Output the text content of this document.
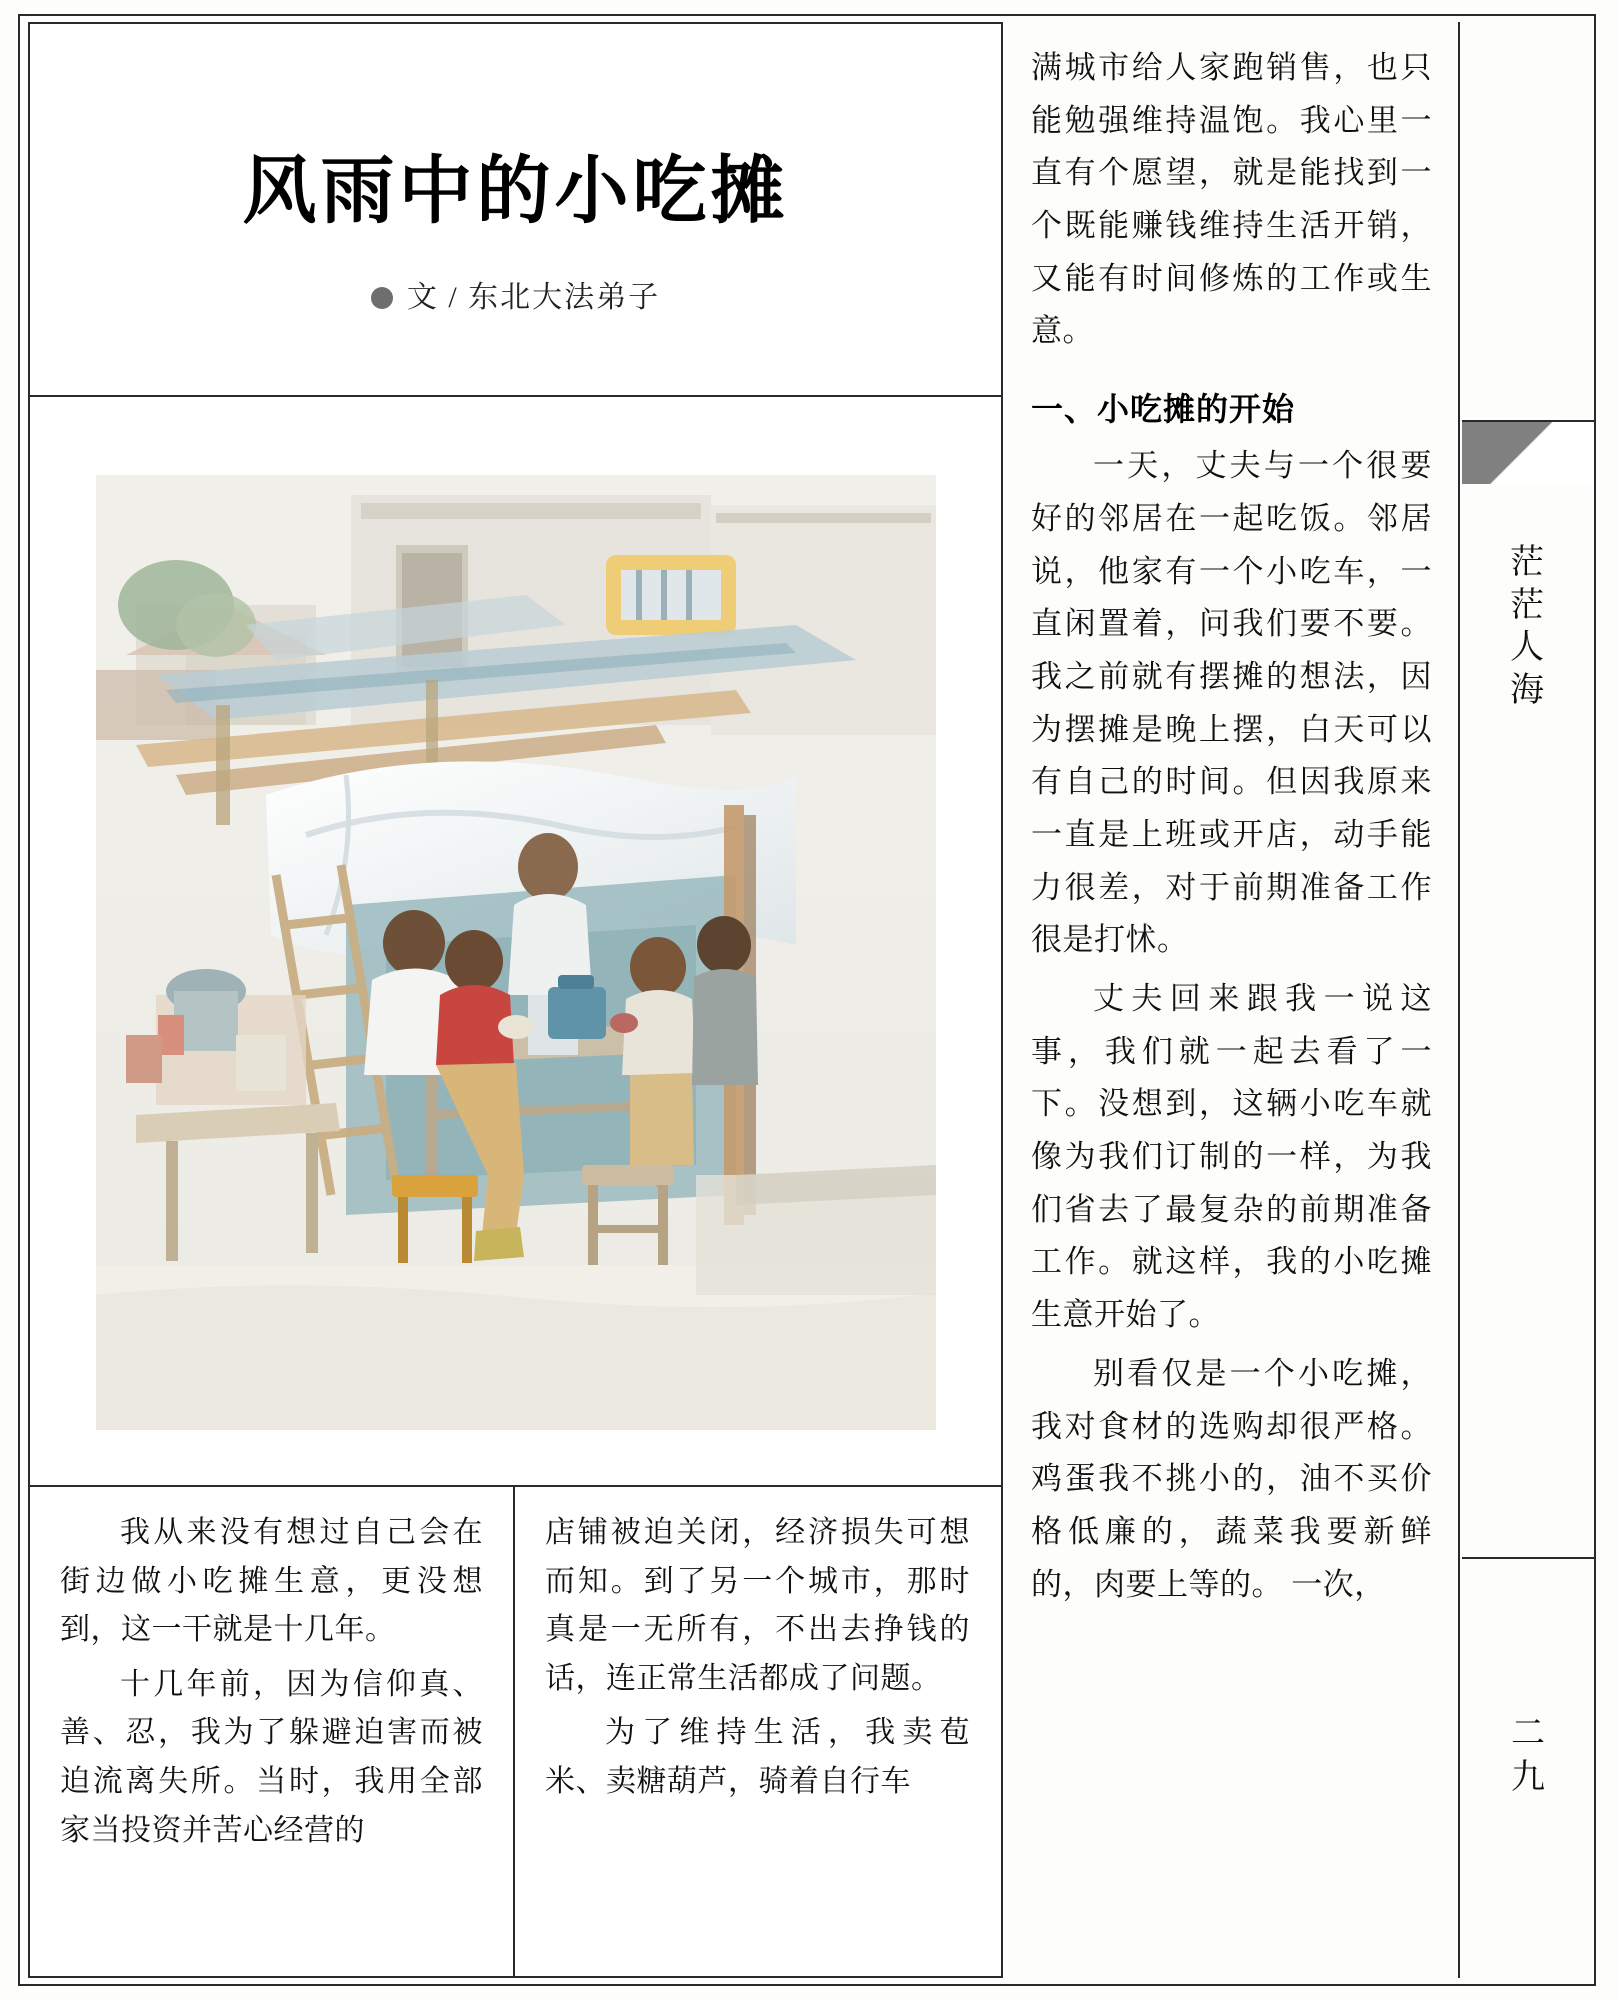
风雨中的小吃摊
文 / 东北大法弟子

我从来没有想过自己会在街边做小吃摊生意，更没想到，这一干就是十几年。

十几年前，因为信仰真、善、忍，我为了躲避迫害而被迫流离失所。当时，我用全部家当投资并苦心经营的

店铺被迫关闭，经济损失可想而知。到了另一个城市，那时真是一无所有，不出去挣钱的话，连正常生活都成了问题。

为了维持生活，我卖苞米、卖糖葫芦，骑着自行车

满城市给人家跑销售，也只能勉强维持温饱。我心里一直有个愿望，就是能找到一个既能赚钱维持生活开销，又能有时间修炼的工作或生意。

一、小吃摊的开始

一天，丈夫与一个很要好的邻居在一起吃饭。邻居说，他家有一个小吃车，一直闲置着，问我们要不要。我之前就有摆摊的想法，因为摆摊是晚上摆，白天可以有自己的时间。但因我原来一直是上班或开店，动手能力很差，对于前期准备工作很是打怵。

丈夫回来跟我一说这事，我们就一起去看了一下。没想到，这辆小吃车就像为我们订制的一样，为我们省去了最复杂的前期准备工作。就这样，我的小吃摊生意开始了。

别看仅是一个小吃摊，我对食材的选购却很严格。鸡蛋我不挑小的，油不买价格低廉的，蔬菜我要新鲜的，肉要上等的。 一次，

茫
茫
人
海
二
九
